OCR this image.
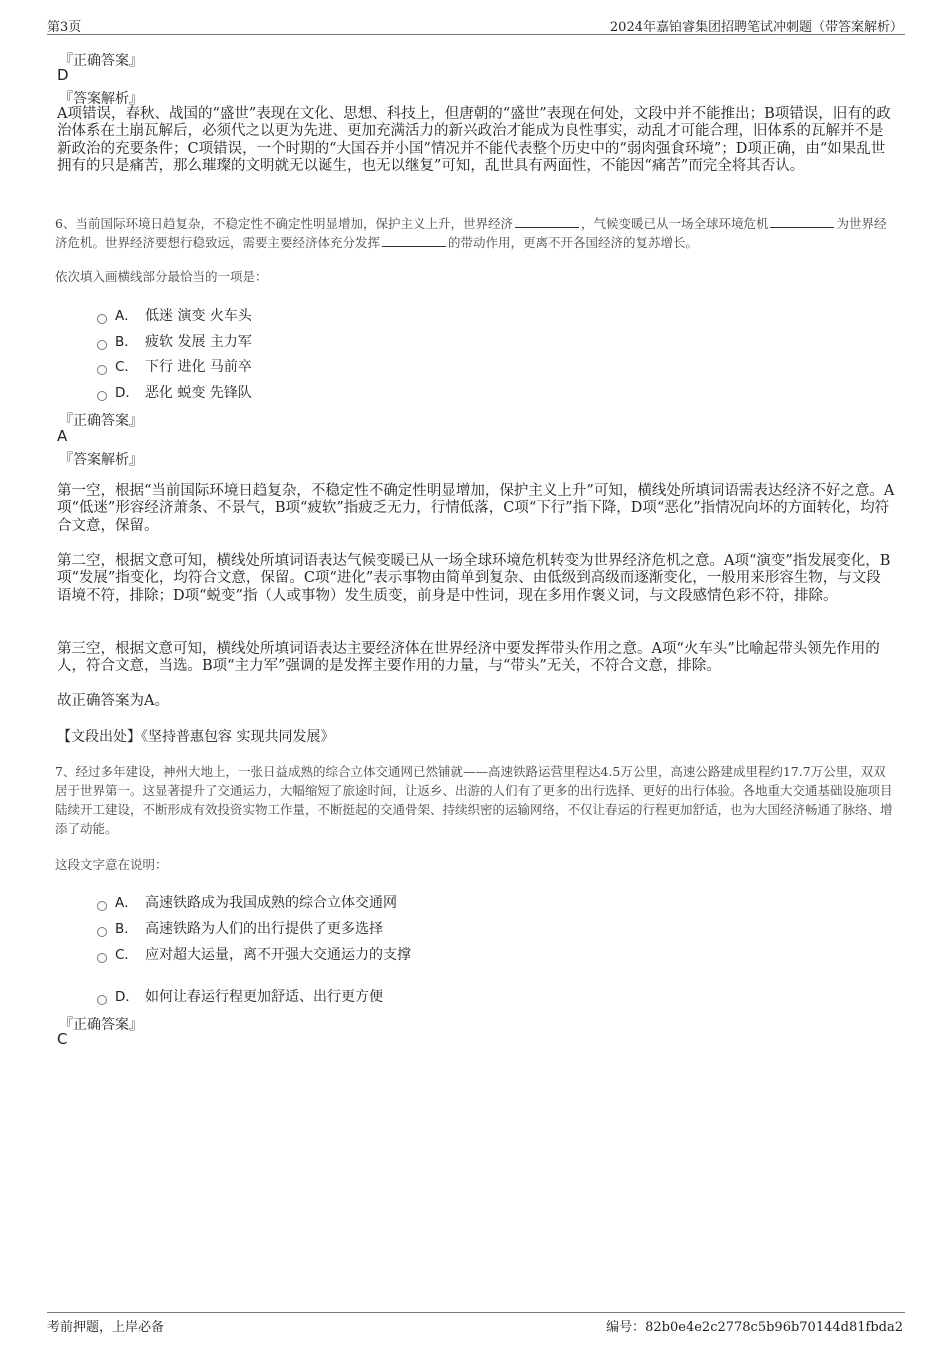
第3页	2024年嘉铂睿集团招聘笔试冲刺题（带答案解析）
『正确答案』
D
『答案解析』
A项错误，春秋、战国的“盛世”表现在文化、思想、科技上，但唐朝的“盛世”表现在何处，文段中并不能推出；B项错误，旧有的政治体系在土崩瓦解后，必须代之以更为先进、更加充满活力的新兴政治才能成为良性事实，动乱才可能合理，旧体系的瓦解并不是新政治的充要条件；C项错误，一个时期的“大国吞并小国”情况并不能代表整个历史中的“弱肉强食环境”；D项正确，由“如果乱世拥有的只是痛苦，那么璀璨的文明就无以诞生，也无以继复”可知，乱世具有两面性，不能因“痛苦”而完全将其否认。
6、当前国际环境日趋复杂，不稳定性不确定性明显增加，保护主义上升，世界经济	，气候变暖已从一场全球环境危机	为世界经济危机。世界经济要想行稳致远，需要主要经济体充分发挥	的带动作用，更离不开各国经济的复苏增长。
依次填入画横线部分最恰当的一项是：
A． 低迷 演变 火车头
B． 疲软 发展 主力军
C． 下行 进化 马前卒
D． 恶化 蜕变 先锋队
『正确答案』
A
『答案解析』
第一空，根据“当前国际环境日趋复杂，不稳定性不确定性明显增加，保护主义上升”可知，横线处所填词语需表达经济不好之意。A项“低迷”形容经济萧条、不景气，B项“疲软”指疲乏无力，行情低落，C项“下行”指下降，D项“恶化”指情况向坏的方面转化，均符合文意，保留。
第二空，根据文意可知，横线处所填词语表达气候变暖已从一场全球环境危机转变为世界经济危机之意。A项“演变”指发展变化，B项“发展”指变化，均符合文意，保留。C项“进化”表示事物由简单到复杂、由低级到高级而逐渐变化，一般用来形容生物，与文段语境不符，排除；D项“蜕变”指（人或事物）发生质变，前身是中性词，现在多用作褒义词，与文段感情色彩不符，排除。
第三空，根据文意可知，横线处所填词语表达主要经济体在世界经济中要发挥带头作用之意。A项“火车头”比喻起带头领先作用的人，符合文意，当选。B项“主力军”强调的是发挥主要作用的力量，与“带头”无关，不符合文意，排除。
故正确答案为A。
【文段出处】《坚持普惠包容 实现共同发展》
7、经过多年建设，神州大地上，一张日益成熟的综合立体交通网已然铺就——高速铁路运营里程达4.5万公里，高速公路建成里程约17.7万公里，双双居于世界第一。这显著提升了交通运力，大幅缩短了旅途时间，让返乡、出游的人们有了更多的出行选择、更好的出行体验。各地重大交通基础设施项目陆续开工建设，不断形成有效投资实物工作量，不断挺起的交通骨架、持续织密的运输网络，不仅让春运的行程更加舒适，也为大国经济畅通了脉络、增添了动能。
这段文字意在说明：
A． 高速铁路成为我国成熟的综合立体交通网
B． 高速铁路为人们的出行提供了更多选择
C． 应对超大运量，离不开强大交通运力的支撑
D． 如何让春运行程更加舒适、出行更方便
『正确答案』
C
考前押题，上岸必备	编号：82b0e4e2c2778c5b96b70144d81fbda2
